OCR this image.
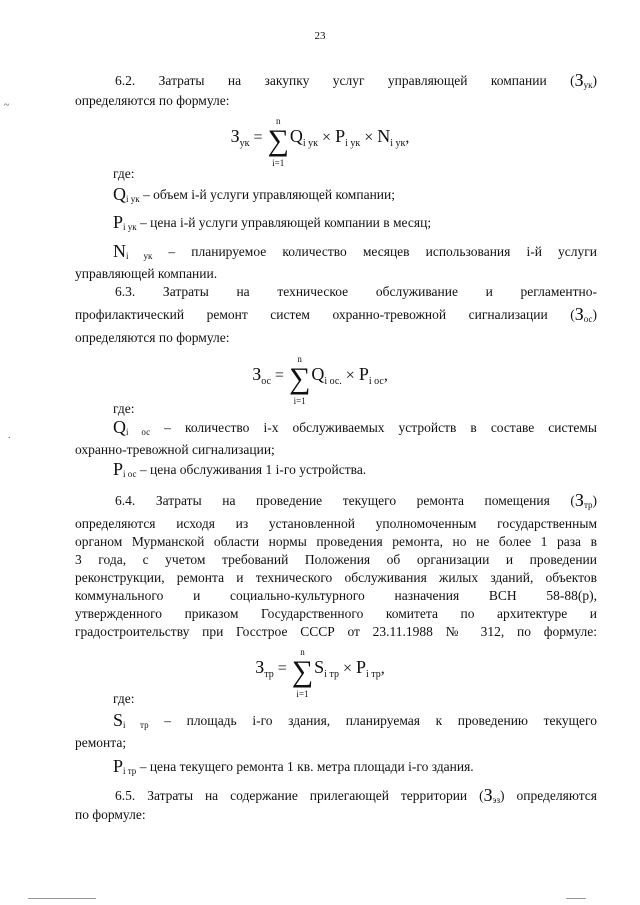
23
~
.

6.2. Затраты на закупку услуг управляющей компании $(З_{ук})$

определяются по формуле:

$З_{ук}$ =
n
∑
i=1
$Q_{i ук} \times P_{i ук} \times N_{i ук}$,

где:

$Q_{i ук}$ – объем i-й услуги управляющей компании;

$P_{i ук}$ – цена i-й услуги управляющей компании в месяц;

$N_{i ук}$ – планируемое количество месяцев использования i-й услуги

управляющей компании.

6.3. Затраты на техническое обслуживание и регламентно-

профилактический ремонт систем охранно-тревожной сигнализации $(З_{ос})$

определяются по формуле:

$З_{ос}$ =
n
∑
i=1
$Q_{i ос.} \times P_{i ос}$,

где:

$Q_{i ос}$ – количество i-х обслуживаемых устройств в составе системы

охранно-тревожной сигнализации;

$P_{i ос}$ – цена обслуживания 1 i-го устройства.

6.4. Затраты на проведение текущего ремонта помещения $(З_{тр})$

определяются исходя из установленной уполномоченным государственным

органом Мурманской области нормы проведения ремонта, но не более 1 раза в

3 года, с учетом требований Положения об организации и проведении

реконструкции, ремонта и технического обслуживания жилых зданий, объектов

коммунального и социально-культурного назначения ВСН 58-88(р),

утвержденного приказом Государственного комитета по архитектуре и

градостроительству при Госстрое СССР от 23.11.1988 № 312, по формуле:

$З_{тр}$ =
n
∑
i=1
$S_{i тр} \times P_{i тр}$,

где:

$S_{i тр}$ – площадь i-го здания, планируемая к проведению текущего

ремонта;

$P_{i тр}$ – цена текущего ремонта 1 кв. метра площади i-го здания.

6.5. Затраты на содержание прилегающей территории $(З_{эз})$ определяются

по формуле:
